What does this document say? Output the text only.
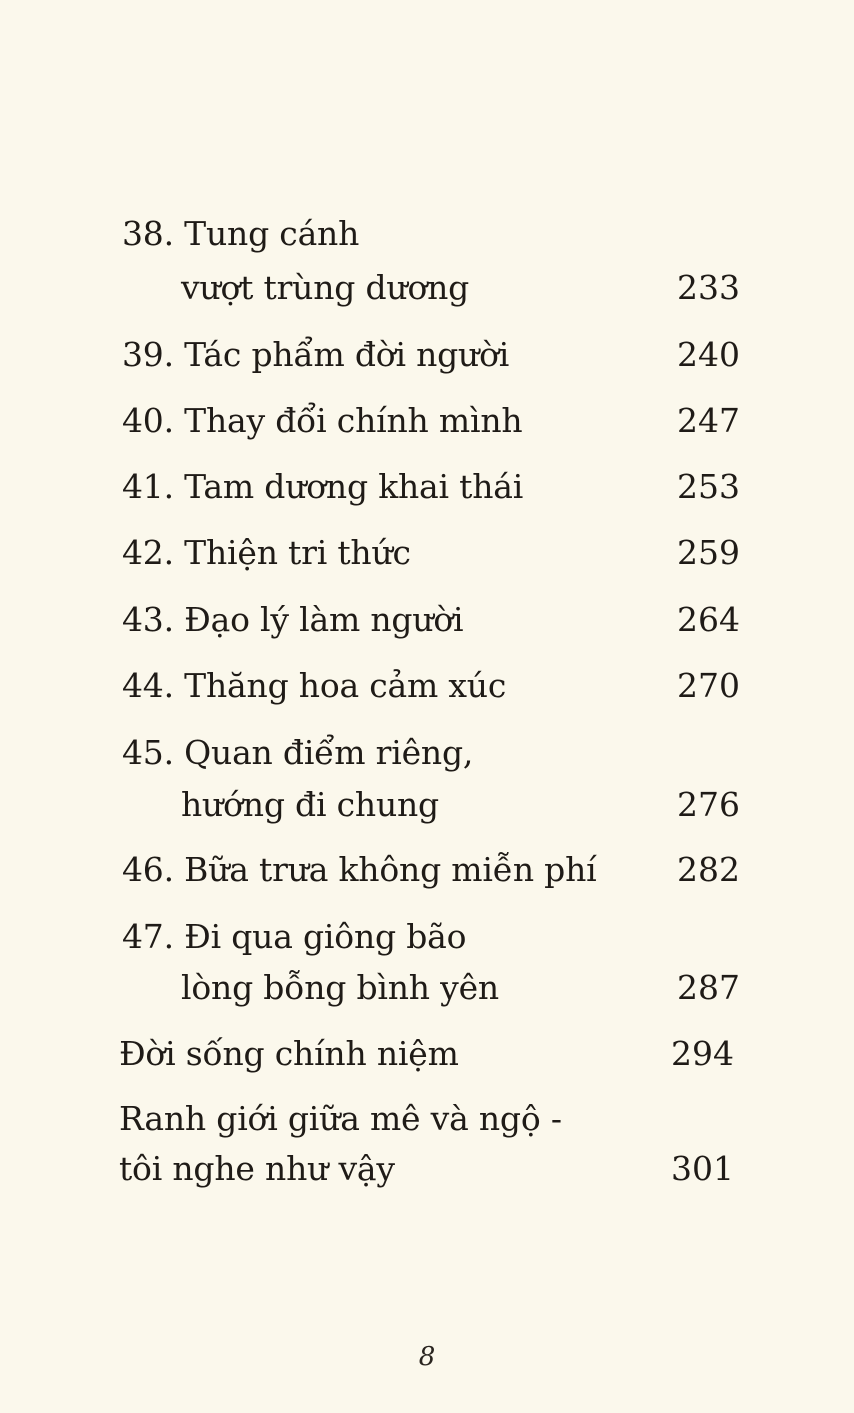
38. Tung cánh
vượt trùng dương	233
39. Tác phẩm đời người	240
40. Thay đổi chính mình	247
41. Tam dương khai thái	253
42. Thiện tri thức	259
43. Đạo lý làm người	264
44. Thăng hoa cảm xúc	270
45. Quan điểm riêng,
hướng đi chung	276
46. Bữa trưa không miễn phí 282
47. Đi qua giông bão
lòng bỗng bình yên	287
Đời sống chính niệm	294
Ranh giới giữa mê và ngộ -
tôi nghe như vậy	301
8
